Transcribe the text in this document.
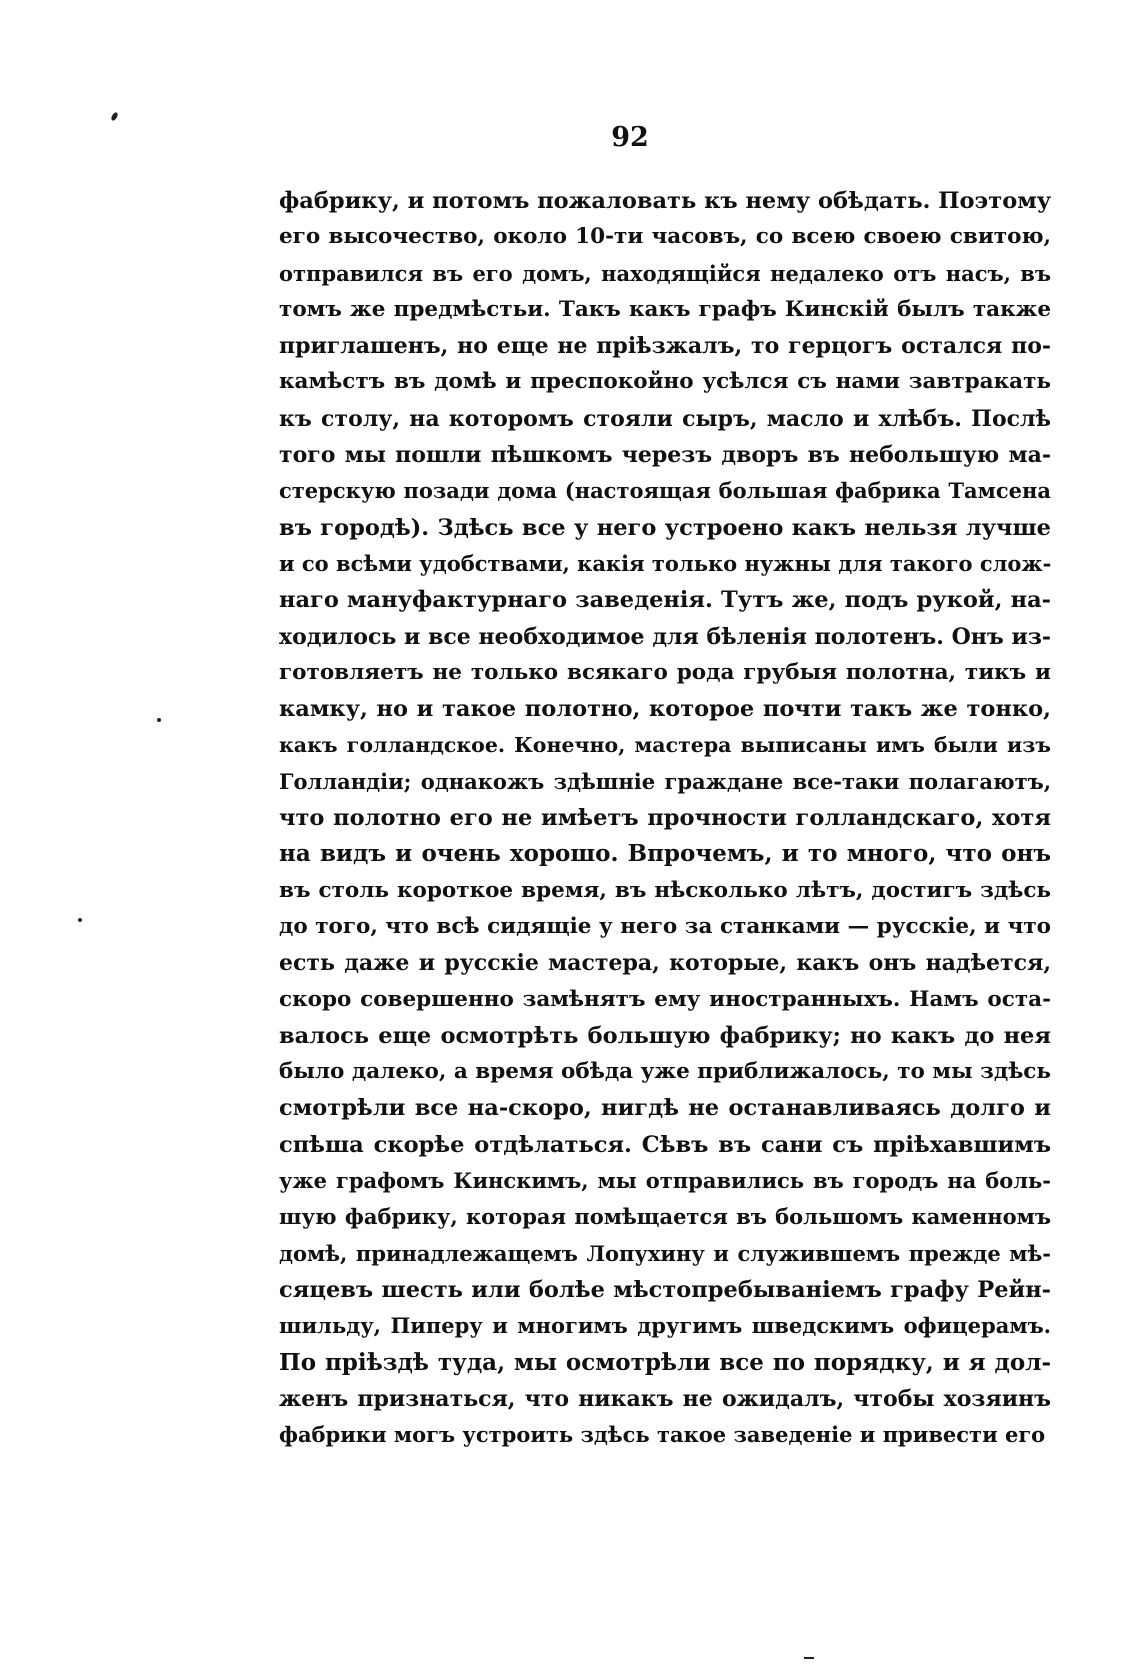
92
фабрику, и потомъ пожаловать къ нему обѣдать. Поэтому
его высочество, около 10-ти часовъ, со всею своею свитою,
отправился въ его домъ, находящійся недалеко отъ насъ, въ
томъ же предмѣстьи. Такъ какъ графъ Кинскій былъ также
приглашенъ, но еще не пріѣзжалъ, то герцогъ остался по-
камѣстъ въ домѣ и преспокойно усѣлся съ нами завтракать
къ столу, на которомъ стояли сыръ, масло и хлѣбъ. Послѣ
того мы пошли пѣшкомъ черезъ дворъ въ небольшую ма-
стерскую позади дома (настоящая большая фабрика Тамсена
въ городѣ). Здѣсь все у него устроено какъ нельзя лучше
и со всѣми удобствами, какія только нужны для такого слож-
наго мануфактурнаго заведенія. Тутъ же, подъ рукой, на-
ходилось и все необходимое для бѣленія полотенъ. Онъ из-
готовляетъ не только всякаго рода грубыя полотна, тикъ и
камку, но и такое полотно, которое почти такъ же тонко,
какъ голландское. Конечно, мастера выписаны имъ были изъ
Голландіи; однакожъ здѣшніе граждане все-таки полагаютъ,
что полотно его не имѣетъ прочности голландскаго, хотя
на видъ и очень хорошо. Впрочемъ, и то много, что онъ
въ столь короткое время, въ нѣсколько лѣтъ, достигъ здѣсь
до того, что всѣ сидящіе у него за станками — русскіе, и что
есть даже и русскіе мастера, которые, какъ онъ надѣется,
скоро совершенно замѣнятъ ему иностранныхъ. Намъ оста-
валось еще осмотрѣть большую фабрику; но какъ до нея
было далеко, а время обѣда уже приближалось, то мы здѣсь
смотрѣли все на-скоро, нигдѣ не останавливаясь долго и
спѣша скорѣе отдѣлаться. Сѣвъ въ сани съ пріѣхавшимъ
уже графомъ Кинскимъ, мы отправились въ городъ на боль-
шую фабрику, которая помѣщается въ большомъ каменномъ
домѣ, принадлежащемъ Лопухину и служившемъ прежде мѣ-
сяцевъ шесть или болѣе мѣстопребываніемъ графу Рейн-
шильду, Пиперу и многимъ другимъ шведскимъ офицерамъ.
По пріѣздѣ туда, мы осмотрѣли все по порядку, и я дол-
женъ признаться, что никакъ не ожидалъ, чтобы хозяинъ
фабрики могъ устроить здѣсь такое заведеніе и привести его
